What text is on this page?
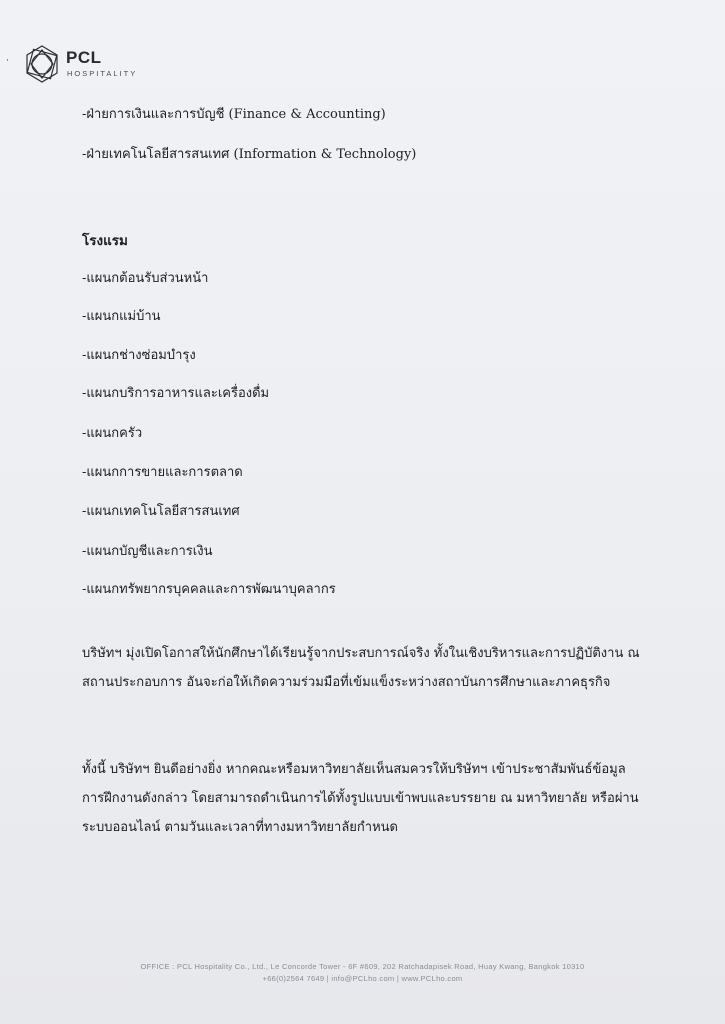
·	PCL
HOSPITALITY
-ฝ่ายการเงินและการบัญชี (Finance & Accounting)
-ฝ่ายเทคโนโลยีสารสนเทศ (Information & Technology)
โรงแรม
-แผนกต้อนรับส่วนหน้า
-แผนกแม่บ้าน
-แผนกช่างซ่อมบำรุง
-แผนกบริการอาหารและเครื่องดื่ม
-แผนกครัว
-แผนกการขายและการตลาด
-แผนกเทคโนโลยีสารสนเทศ
-แผนกบัญชีและการเงิน
-แผนกทรัพยากรบุคคลและการพัฒนาบุคลากร

บริษัทฯ มุ่งเปิดโอกาสให้นักศึกษาได้เรียนรู้จากประสบการณ์จริง ทั้งในเชิงบริหารและการปฏิบัติงาน ณ สถานประกอบการ อันจะก่อให้เกิดความร่วมมือที่เข้มแข็งระหว่างสถาบันการศึกษาและภาคธุรกิจ

ทั้งนี้ บริษัทฯ ยินดีอย่างยิ่ง หากคณะหรือมหาวิทยาลัยเห็นสมควรให้บริษัทฯ เข้าประชาสัมพันธ์ข้อมูลการฝึกงานดังกล่าว โดยสามารถดำเนินการได้ทั้งรูปแบบเข้าพบและบรรยาย ณ มหาวิทยาลัย หรือผ่านระบบออนไลน์ ตามวันและเวลาที่ทางมหาวิทยาลัยกำหนด

OFFICE : PCL Hospitality Co., Ltd., Le Concorde Tower - 6F #609, 202 Ratchadapisek Road, Huay Kwang, Bangkok 10310
+66(0)2564 7649 | info@PCLho.com | www.PCLho.com
